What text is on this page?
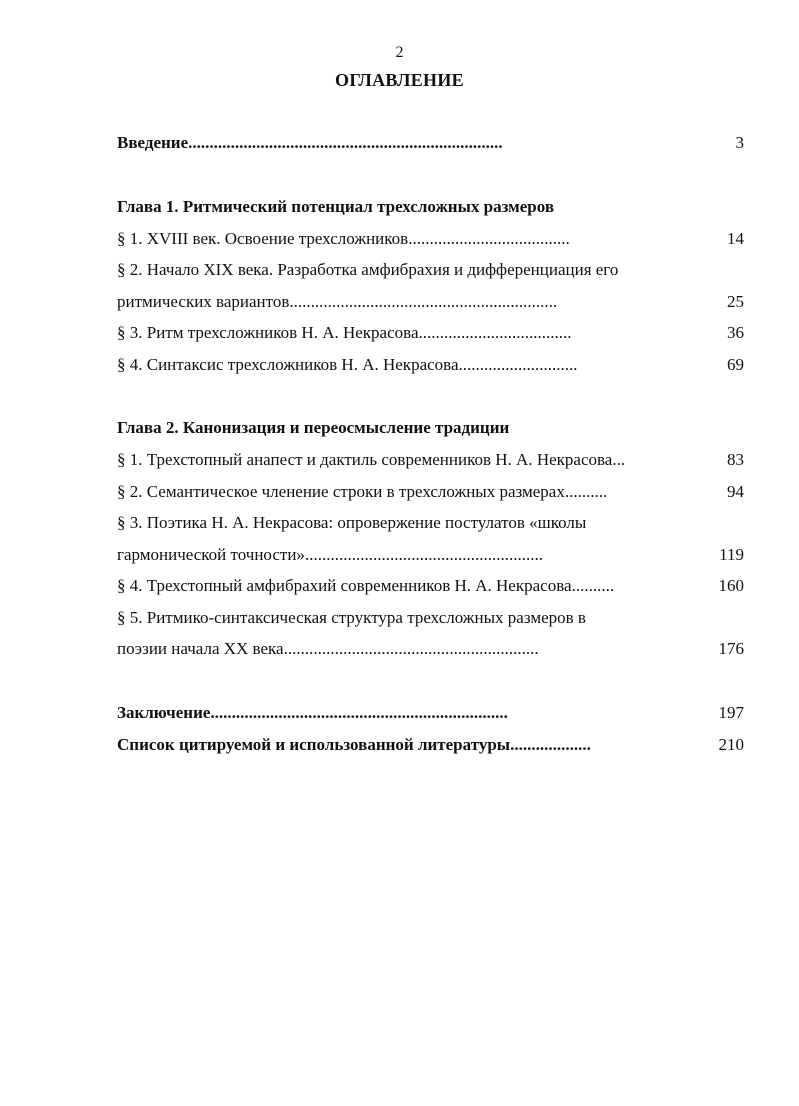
2
ОГЛАВЛЕНИЕ
Введение..........................................................................	3
Глава 1. Ритмический потенциал трехсложных размеров
§ 1. XVIII век. Освоение трехсложников......................................	14
§ 2. Начало XIX века. Разработка амфибрахия и дифференциация его
ритмических вариантов...............................................................	25
§ 3. Ритм трехсложников Н. А. Некрасова....................................	36
§ 4. Синтаксис трехсложников Н. А. Некрасова............................	69
Глава 2. Канонизация и переосмысление традиции
§ 1. Трехстопный анапест и дактиль современников Н. А. Некрасова...	83
§ 2. Семантическое членение строки в трехсложных размерах..........	94
§ 3. Поэтика Н. А. Некрасова: опровержение постулатов «школы
гармонической точности»........................................................	119
§ 4. Трехстопный амфибрахий современников Н. А. Некрасова..........	160
§ 5. Ритмико-синтаксическая структура трехсложных размеров в
поэзии начала XX века............................................................	176
Заключение......................................................................	197
Список цитируемой и использованной литературы...................	210
